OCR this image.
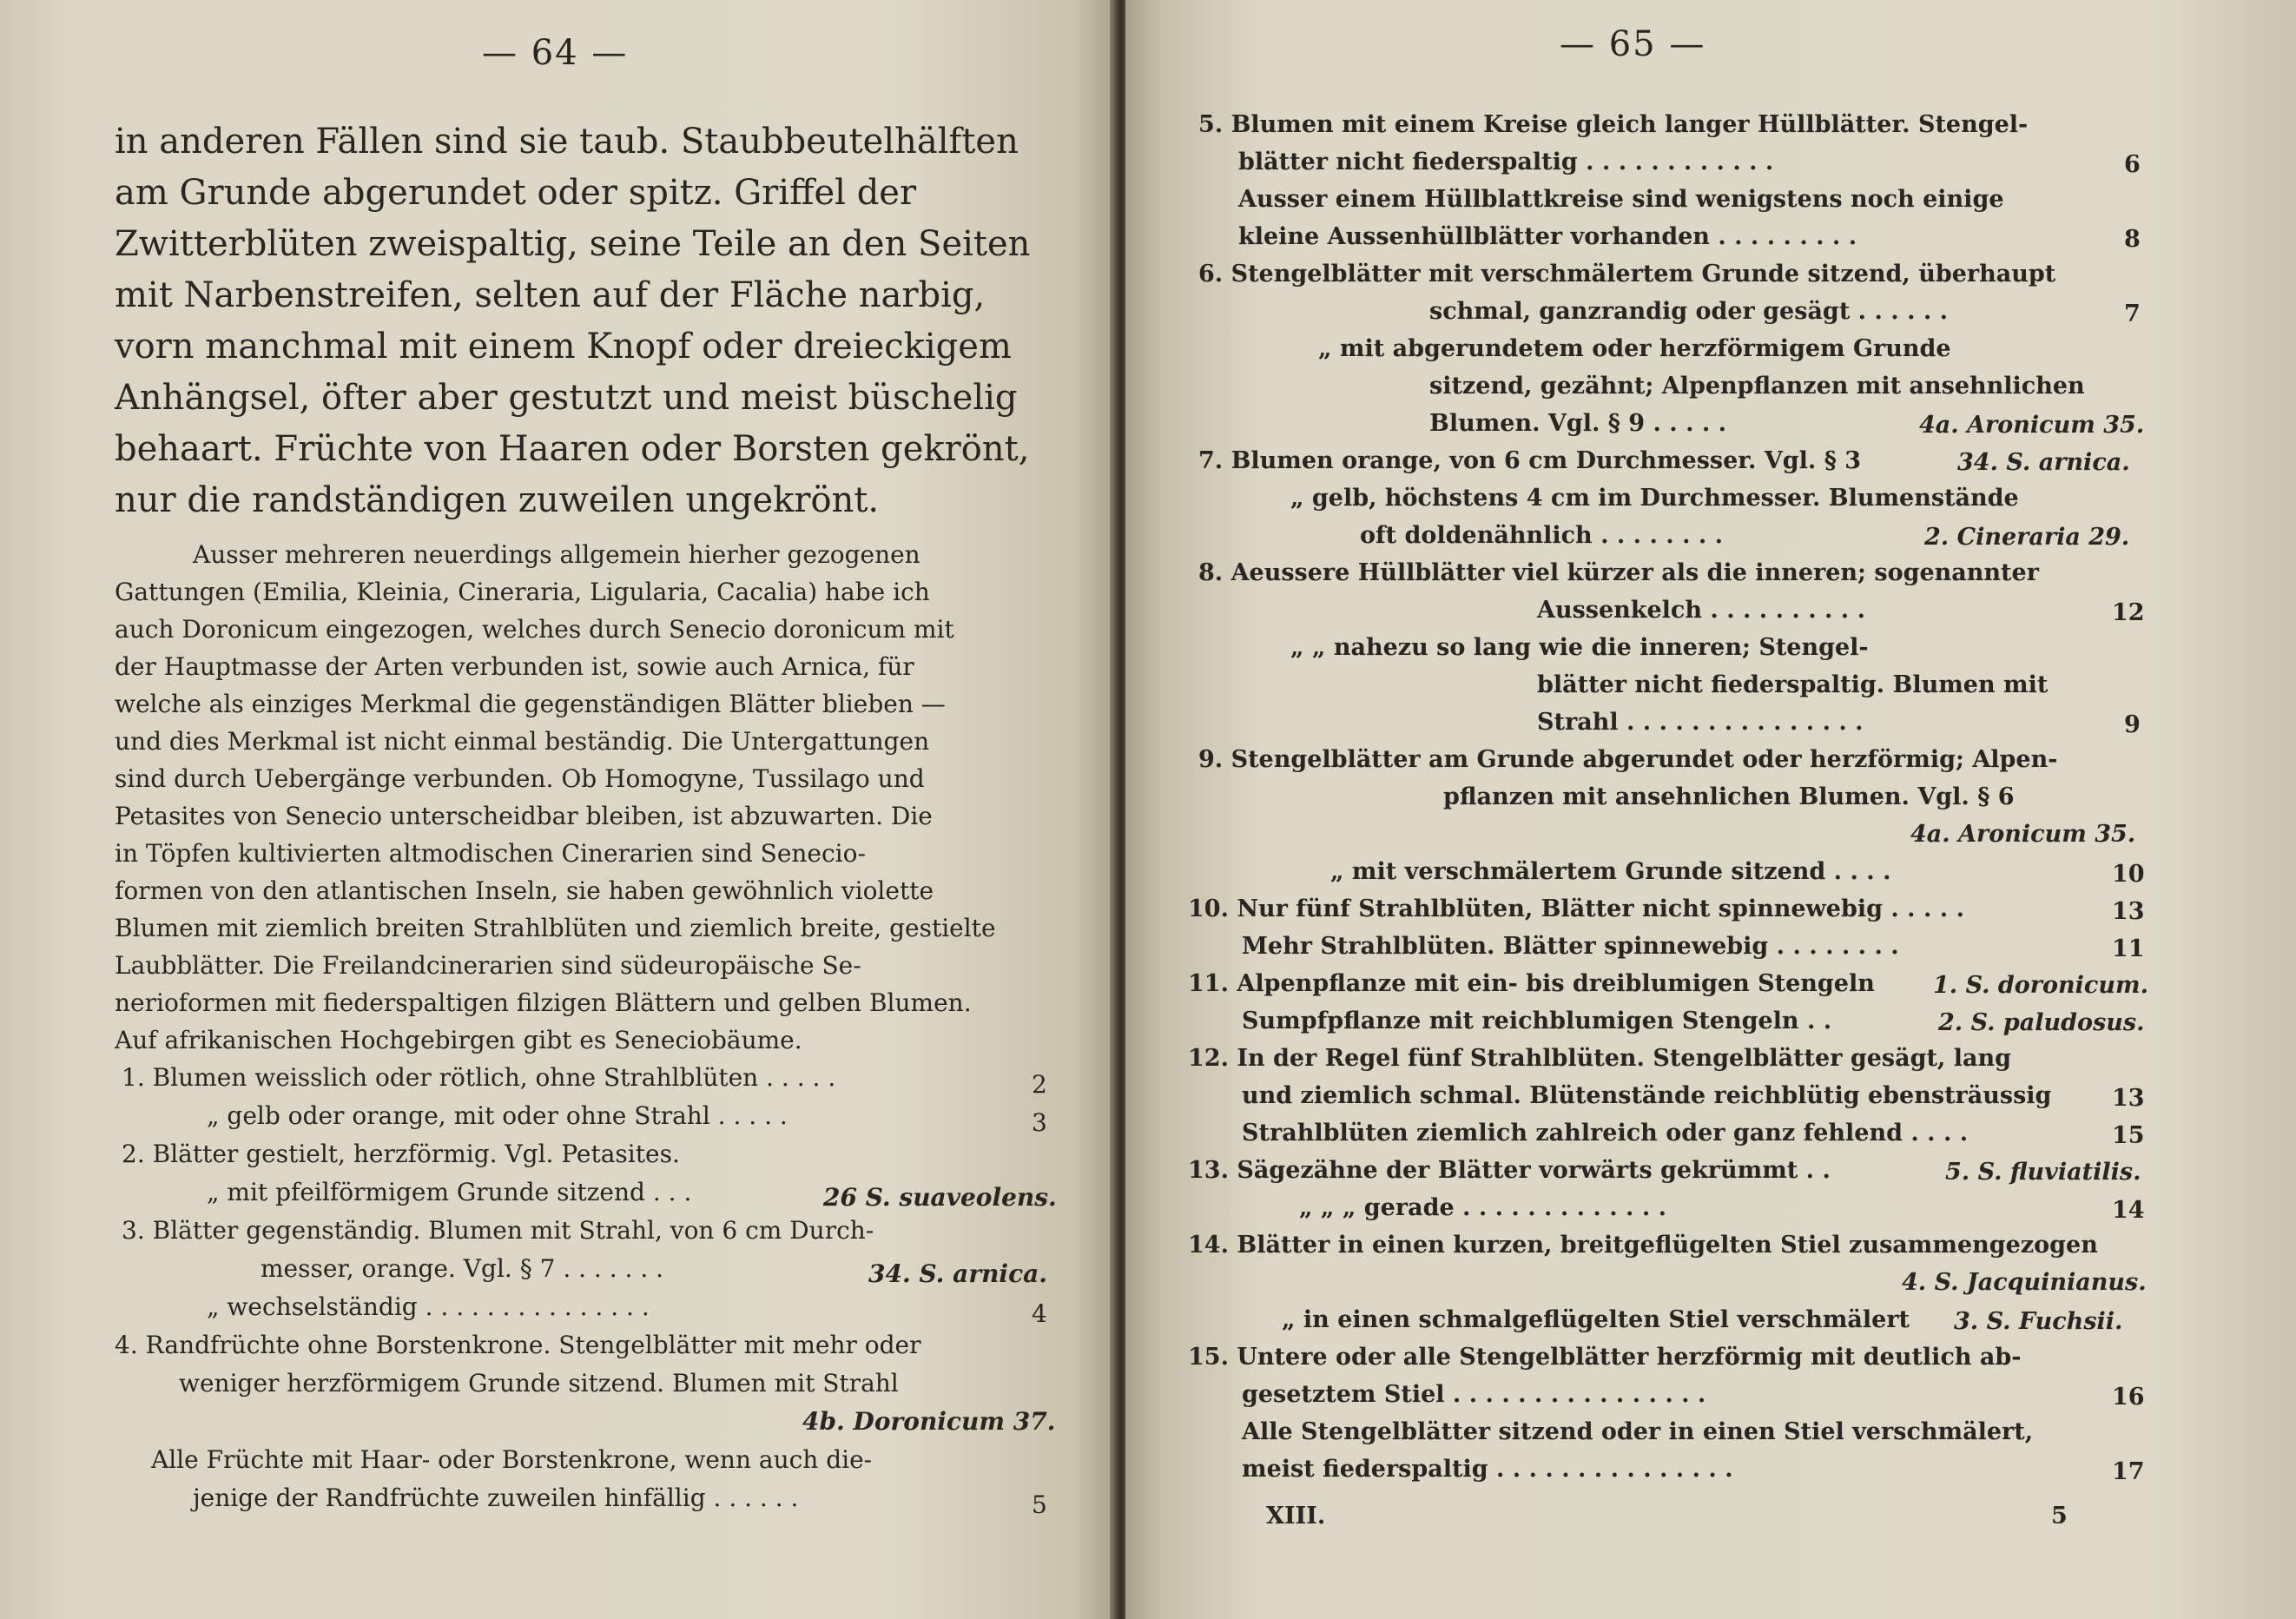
— 64 —
in anderen Fällen sind sie taub. Staubbeutelhälften
am Grunde abgerundet oder spitz. Griffel der
Zwitterblüten zweispaltig, seine Teile an den Seiten
mit Narbenstreifen, selten auf der Fläche narbig,
vorn manchmal mit einem Knopf oder dreieckigem
Anhängsel, öfter aber gestutzt und meist büschelig
behaart. Früchte von Haaren oder Borsten gekrönt,
nur die randständigen zuweilen ungekrönt.
Ausser mehreren neuerdings allgemein hierher gezogenen
Gattungen (Emilia, Kleinia, Cineraria, Ligularia, Cacalia) habe ich
auch Doronicum eingezogen, welches durch Senecio doronicum mit
der Hauptmasse der Arten verbunden ist, sowie auch Arnica, für
welche als einziges Merkmal die gegenständigen Blätter blieben —
und dies Merkmal ist nicht einmal beständig. Die Untergattungen
sind durch Uebergänge verbunden. Ob Homogyne, Tussilago und
Petasites von Senecio unterscheidbar bleiben, ist abzuwarten. Die
in Töpfen kultivierten altmodischen Cinerarien sind Senecio-
formen von den atlantischen Inseln, sie haben gewöhnlich violette
Blumen mit ziemlich breiten Strahlblüten und ziemlich breite, gestielte
Laubblätter. Die Freilandcinerarien sind südeuropäische Se-
nerioformen mit fiederspaltigen filzigen Blättern und gelben Blumen.
Auf afrikanischen Hochgebirgen gibt es Seneciobäume.
1. Blumen weisslich oder rötlich, ohne Strahlblüten . . . . .	2
„ gelb oder orange, mit oder ohne Strahl . . . . .	3
2. Blätter gestielt, herzförmig. Vgl. Petasites.
„ mit pfeilförmigem Grunde sitzend . . .	26 S. suaveolens.
3. Blätter gegenständig. Blumen mit Strahl, von 6 cm Durch-
messer, orange. Vgl. § 7 . . . . . . .	34. S. arnica.
„ wechselständig . . . . . . . . . . . . . . .	4
4. Randfrüchte ohne Borstenkrone. Stengelblätter mit mehr oder
weniger herzförmigem Grunde sitzend. Blumen mit Strahl
4b. Doronicum 37.
Alle Früchte mit Haar- oder Borstenkrone, wenn auch die-
jenige der Randfrüchte zuweilen hinfällig . . . . . .	5
— 65 —
5. Blumen mit einem Kreise gleich langer Hüllblätter. Stengel-
blätter nicht fiederspaltig . . . . . . . . . . . .	6
Ausser einem Hüllblattkreise sind wenigstens noch einige
kleine Aussenhüllblätter vorhanden . . . . . . . . .	8
6. Stengelblätter mit verschmälertem Grunde sitzend, überhaupt
schmal, ganzrandig oder gesägt . . . . . .	7
„ mit abgerundetem oder herzförmigem Grunde
sitzend, gezähnt; Alpenpflanzen mit ansehnlichen
Blumen. Vgl. § 9 . . . . .	4a. Aronicum 35.
7. Blumen orange, von 6 cm Durchmesser. Vgl. § 3	34. S. arnica.
„ gelb, höchstens 4 cm im Durchmesser. Blumenstände
oft doldenähnlich . . . . . . . .	2. Cineraria 29.
8. Aeussere Hüllblätter viel kürzer als die inneren; sogenannter
Aussenkelch . . . . . . . . . .	12
„ „ nahezu so lang wie die inneren; Stengel-
blätter nicht fiederspaltig. Blumen mit
Strahl . . . . . . . . . . . . . . .	9
9. Stengelblätter am Grunde abgerundet oder herzförmig; Alpen-
pflanzen mit ansehnlichen Blumen. Vgl. § 6
4a. Aronicum 35.
„ mit verschmälertem Grunde sitzend . . . .	10
10. Nur fünf Strahlblüten, Blätter nicht spinnewebig . . . . .	13
Mehr Strahlblüten. Blätter spinnewebig . . . . . . . .	11
11. Alpenpflanze mit ein- bis dreiblumigen Stengeln 1. S. doronicum.
Sumpfpflanze mit reichblumigen Stengeln . .	2. S. paludosus.
12. In der Regel fünf Strahlblüten. Stengelblätter gesägt, lang
und ziemlich schmal. Blütenstände reichblütig ebensträussig	13
Strahlblüten ziemlich zahlreich oder ganz fehlend . . . .	15
13. Sägezähne der Blätter vorwärts gekrümmt . .	5. S. fluviatilis.
„ „ „ gerade . . . . . . . . . . . . .	14
14. Blätter in einen kurzen, breitgeflügelten Stiel zusammengezogen
4. S. Jacquinianus.
„ in einen schmalgeflügelten Stiel verschmälert 3. S. Fuchsii.
15. Untere oder alle Stengelblätter herzförmig mit deutlich ab-
gesetztem Stiel . . . . . . . . . . . . . . . .	16
Alle Stengelblätter sitzend oder in einen Stiel verschmälert,
meist fiederspaltig . . . . . . . . . . . . . . .	17
XIII.	5
